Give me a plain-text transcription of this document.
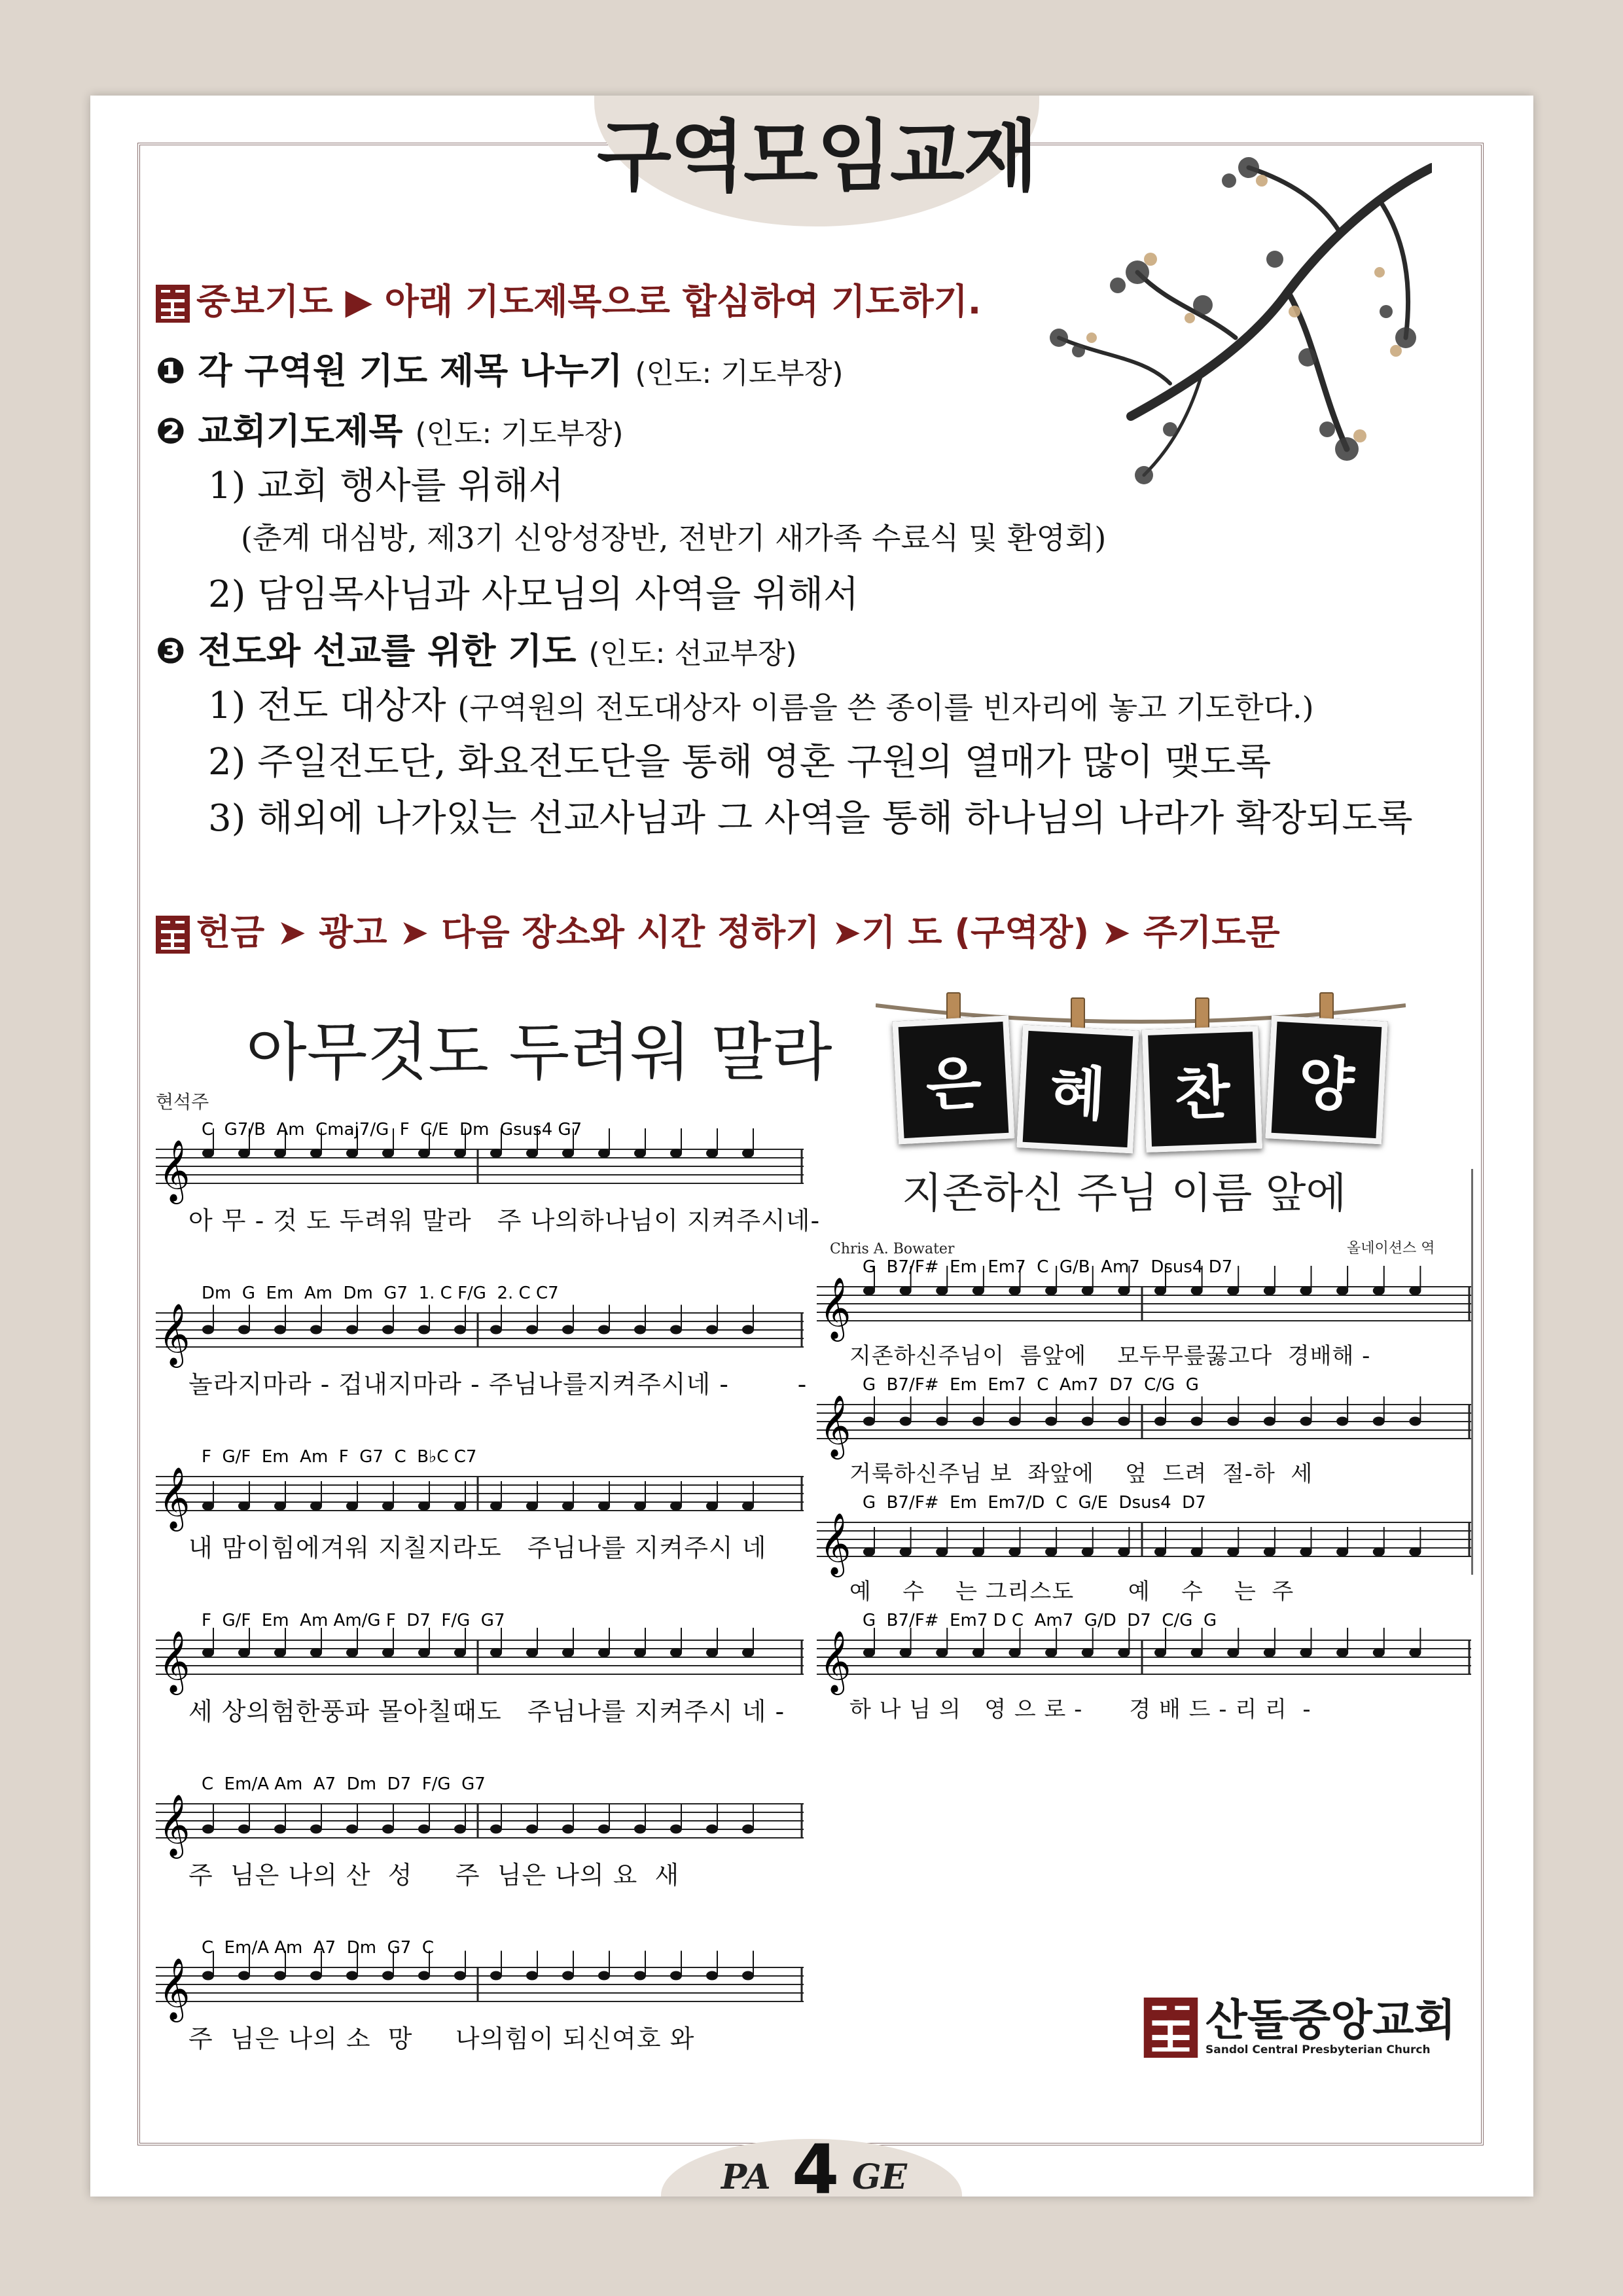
구역모임교재
중보기도 ▶ 아래 기도제목으로 합심하여 기도하기.
❶ 각 구역원 기도 제목 나누기 (인도: 기도부장)
❷ 교회기도제목 (인도: 기도부장)
1) 교회 행사를 위해서
(춘계 대심방, 제3기 신앙성장반, 전반기 새가족 수료식 및 환영회)
2) 담임목사님과 사모님의 사역을 위해서
❸ 전도와 선교를 위한 기도 (인도: 선교부장)
1) 전도 대상자 (구역원의 전도대상자 이름을 쓴 종이를 빈자리에 놓고 기도한다.)
2) 주일전도단, 화요전도단을 통해 영혼 구원의 열매가 많이 맺도록
3) 해외에 나가있는 선교사님과 그 사역을 통해 하나님의 나라가 확장되도록
헌금 ➤ 광고 ➤ 다음 장소와 시간 정하기 ➤기 도 (구역장) ➤ 주기도문
아무것도 두려워 말라
현석주
𝄞
C  G7/B  Am  Cmaj7/G  F  C/E  Dm  Gsus4 G7
아 무 - 것 도 두려워 말라   주 나의하나님이 지켜주시네-
𝄞
Dm  G  Em  Am  Dm  G7  1. C F/G  2. C C7
놀라지마라 - 겁내지마라 - 주님나를지켜주시네 -        -
𝄞
F  G/F  Em  Am  F  G7  C  B♭C C7
내 맘이힘에겨워 지칠지라도   주님나를 지켜주시 네
𝄞
F  G/F  Em  Am Am/G F  D7  F/G  G7
세 상의험한풍파 몰아칠때도   주님나를 지켜주시 네 -
𝄞
C  Em/A Am  A7  Dm  D7  F/G  G7
주  님은 나의 산  성     주  님은 나의 요  새
𝄞
C  Em/A Am  A7  Dm  G7  C
주  님은 나의 소  망     나의힘이 되신여호 와
은 혜 찬 양
지존하신 주님 이름 앞에
Chris A. Bowater	올네이션스 역
𝄞
G  B7/F#  Em  Em7  C  G/B  Am7  Dsus4 D7
지존하신주님이  름앞에    모두무릎꿇고다  경배해 -
𝄞
G  B7/F#  Em  Em7  C  Am7  D7  C/G  G
거룩하신주님 보  좌앞에    엎  드려  절-하  세
𝄞
G  B7/F#  Em  Em7/D  C  G/E  Dsus4  D7
예    수    는 그리스도       예    수    는  주
𝄞
G  B7/F#  Em7 D C  Am7  G/D  D7  C/G  G
하 나 님 의   영 으 로 -      경 배 드 - 리 리  -
산돌중앙교회
Sandol Central Presbyterian Church
PA 4 GE
